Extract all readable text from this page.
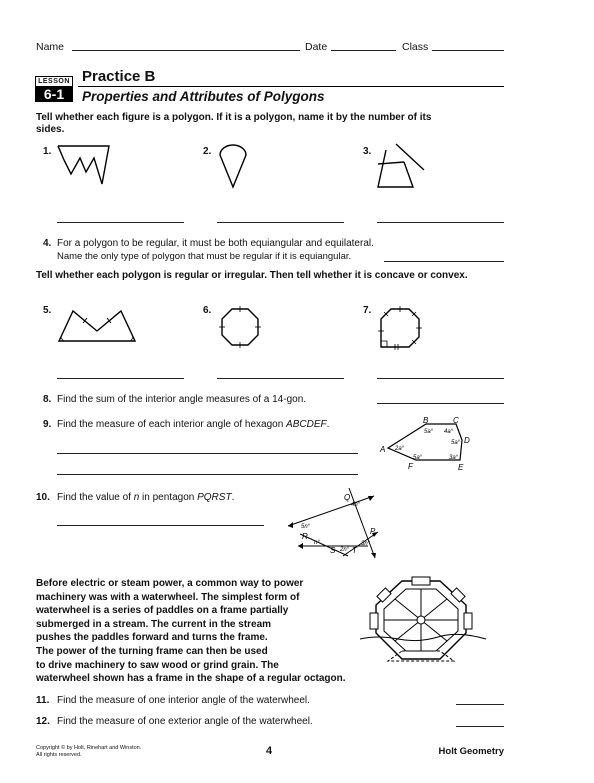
Name	Date	Class
LESSON
6-1
Practice B
Properties and Attributes of Polygons
Tell whether each figure is a polygon. If it is a polygon, name it by the number of its sides.
1.	2.	3.
4. For a polygon to be regular, it must be both equiangular and equilateral.
Name the only type of polygon that must be regular if it is equiangular.
Tell whether each polygon is regular or irregular. Then tell whether it is concave or convex.
5.	6.	7.
8. Find the sum of the interior angle measures of a 14-gon.
9. Find the measure of each interior angle of hexagon ABCDEF.
A
B	C
D
E
F
2a°
5a° 4a°
5a°
3a°
5a°
10. Find the value of n in pentagon PQRST.	Q
P
R
S T
4n°
3n°
2n°
n°
5n°
Before electric or steam power, a common way to power
machinery was with a waterwheel. The simplest form of
waterwheel is a series of paddles on a frame partially
submerged in a stream. The current in the stream
pushes the paddles forward and turns the frame.
The power of the turning frame can then be used
to drive machinery to saw wood or grind grain. The
waterwheel shown has a frame in the shape of a regular octagon.
11. Find the measure of one interior angle of the waterwheel.
12. Find the measure of one exterior angle of the waterwheel.
Copyright © by Holt, Rinehart and Winston.
All rights reserved.	4	Holt Geometry
